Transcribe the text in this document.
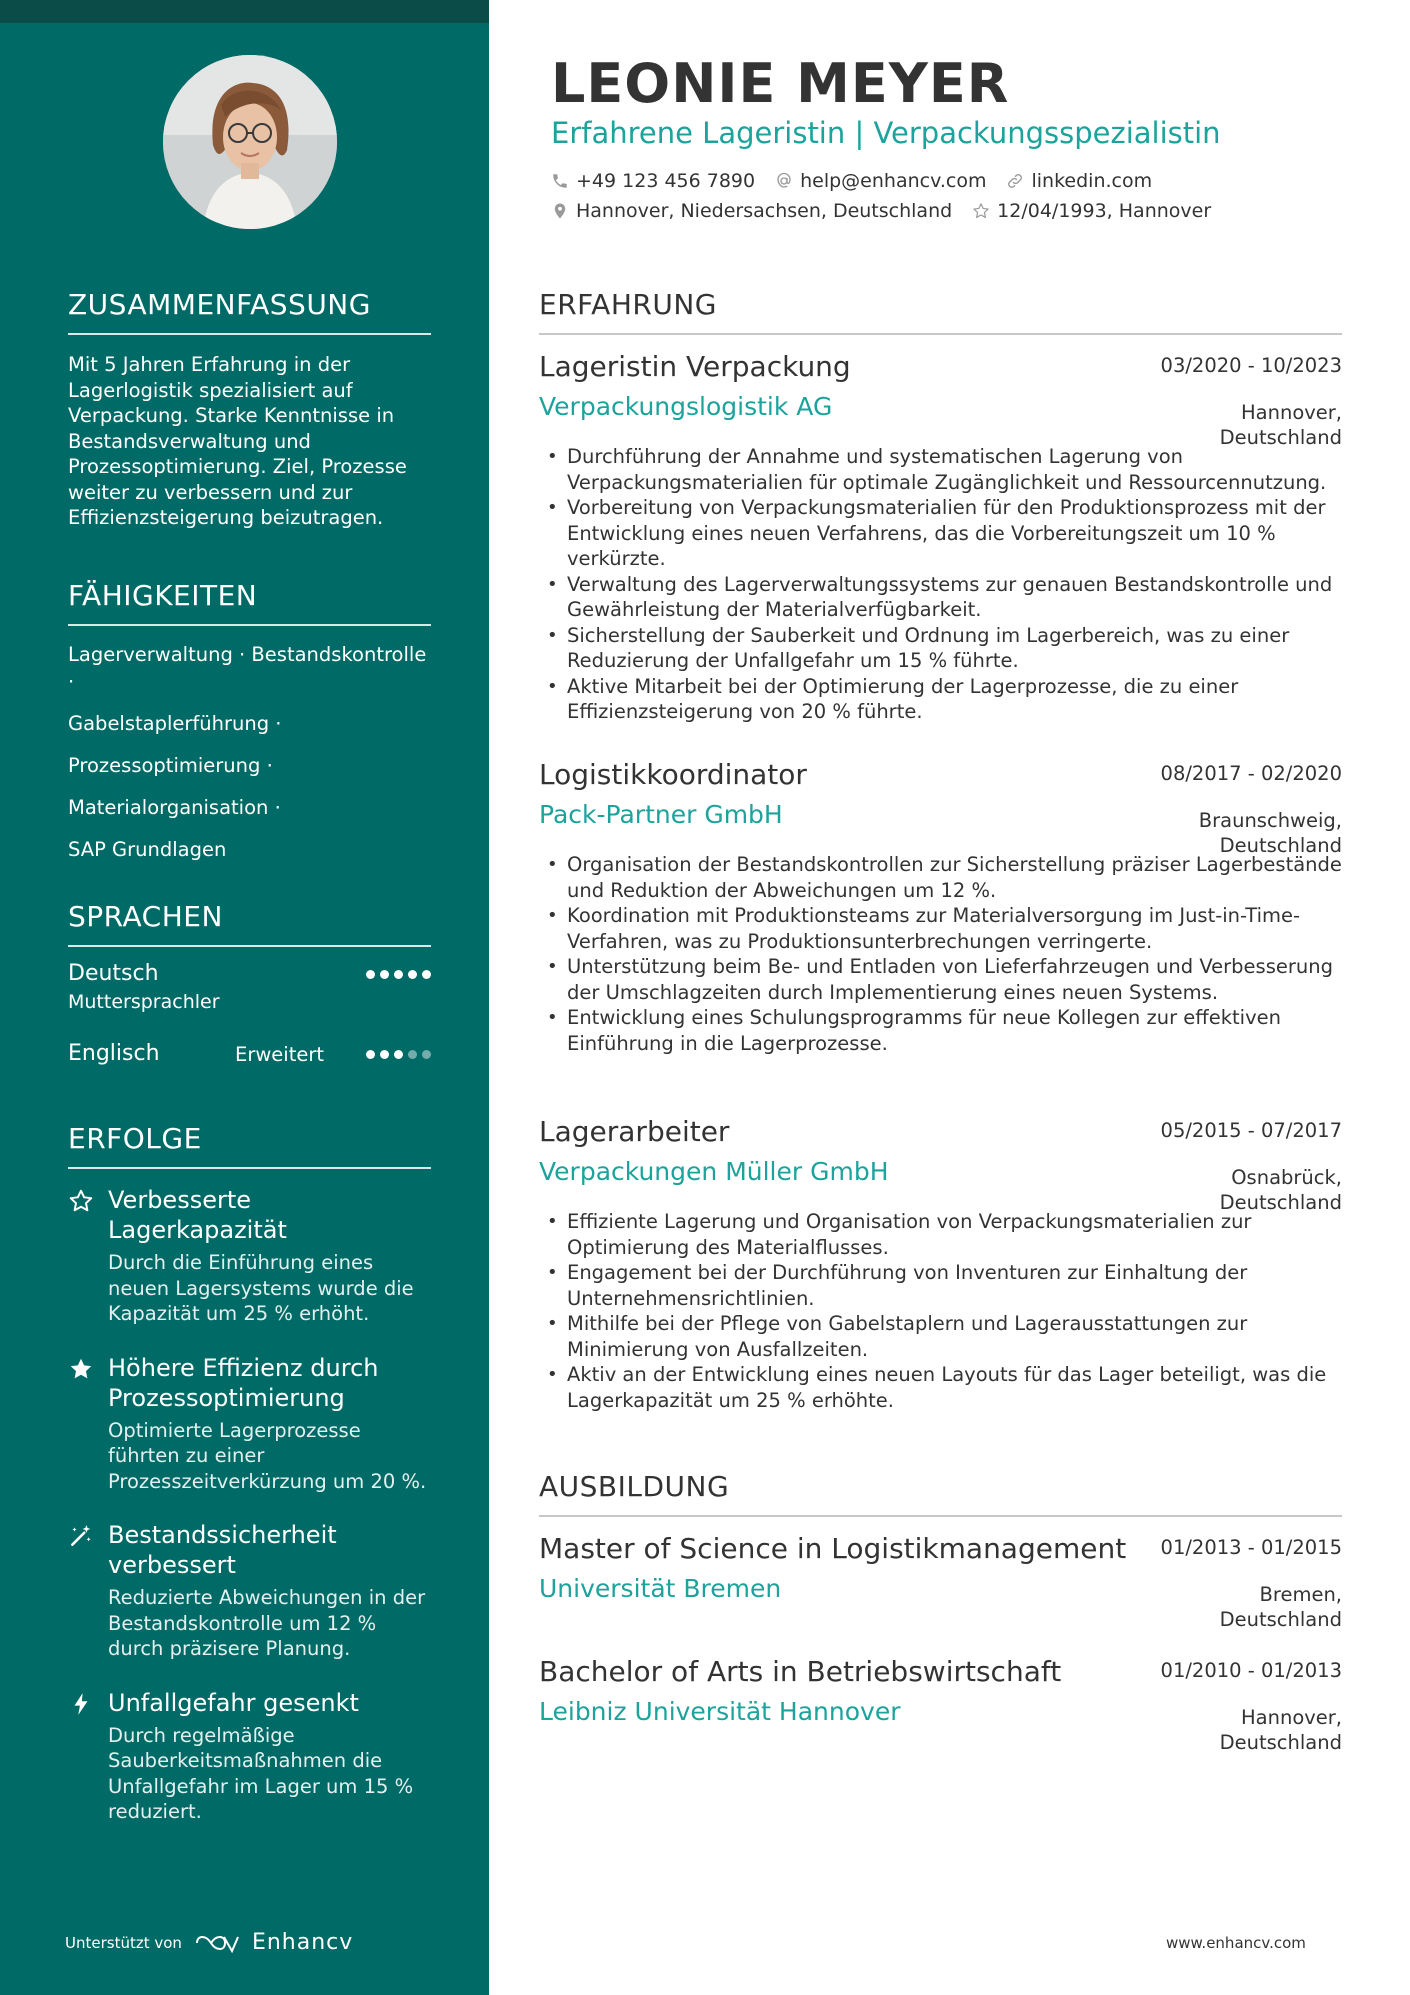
ZUSAMMENFASSUNG
Mit 5 Jahren Erfahrung in der Lagerlogistik spezialisiert auf Verpackung. Starke Kenntnisse in Bestandsverwaltung und Prozessoptimierung. Ziel, Prozesse weiter zu verbessern und zur Effizienzsteigerung beizutragen.
FÄHIGKEITEN
Lagerverwaltung · Bestandskontrolle ·
Gabelstaplerführung ·
Prozessoptimierung ·
Materialorganisation ·
SAP Grundlagen
SPRACHEN
Deutsch
Muttersprachler
Englisch	Erweitert
ERFOLGE
Verbesserte Lagerkapazität
Durch die Einführung eines neuen Lagersystems wurde die Kapazität um 25 % erhöht.
Höhere Effizienz durch Prozessoptimierung
Optimierte Lagerprozesse führten zu einer Prozesszeitverkürzung um 20 %.
Bestandssicherheit verbessert
Reduzierte Abweichungen in der Bestandskontrolle um 12 % durch präzisere Planung.
Unfallgefahr gesenkt
Durch regelmäßige Sauberkeitsmaßnahmen die Unfallgefahr im Lager um 15 % reduziert.
Unterstützt von	Enhancv
LEONIE MEYER
Erfahrene Lageristin | Verpackungsspezialistin
+49 123 456 7890 help@enhancv.com linkedin.com
Hannover, Niedersachsen, Deutschland 12/04/1993, Hannover
ERFAHRUNG
Lageristin Verpackung	03/2020 - 10/2023
Verpackungslogistik AG	Hannover, Deutschland
• Durchführung der Annahme und systematischen Lagerung von Verpackungsmaterialien für optimale Zugänglichkeit und Ressourcennutzung.
• Vorbereitung von Verpackungsmaterialien für den Produktionsprozess mit der Entwicklung eines neuen Verfahrens, das die Vorbereitungszeit um 10 % verkürzte.
• Verwaltung des Lagerverwaltungssystems zur genauen Bestandskontrolle und Gewährleistung der Materialverfügbarkeit.
• Sicherstellung der Sauberkeit und Ordnung im Lagerbereich, was zu einer Reduzierung der Unfallgefahr um 15 % führte.
• Aktive Mitarbeit bei der Optimierung der Lagerprozesse, die zu einer Effizienzsteigerung von 20 % führte.
Logistikkoordinator	08/2017 - 02/2020
Pack-Partner GmbH	Braunschweig, Deutschland
• Organisation der Bestandskontrollen zur Sicherstellung präziser Lagerbestände und Reduktion der Abweichungen um 12 %.
• Koordination mit Produktionsteams zur Materialversorgung im Just-in-Time-Verfahren, was zu Produktionsunterbrechungen verringerte.
• Unterstützung beim Be- und Entladen von Lieferfahrzeugen und Verbesserung der Umschlagzeiten durch Implementierung eines neuen Systems.
• Entwicklung eines Schulungsprogramms für neue Kollegen zur effektiven Einführung in die Lagerprozesse.
Lagerarbeiter	05/2015 - 07/2017
Verpackungen Müller GmbH	Osnabrück, Deutschland
• Effiziente Lagerung und Organisation von Verpackungsmaterialien zur Optimierung des Materialflusses.
• Engagement bei der Durchführung von Inventuren zur Einhaltung der Unternehmensrichtlinien.
• Mithilfe bei der Pflege von Gabelstaplern und Lagerausstattungen zur Minimierung von Ausfallzeiten.
• Aktiv an der Entwicklung eines neuen Layouts für das Lager beteiligt, was die Lagerkapazität um 25 % erhöhte.
AUSBILDUNG
Master of Science in Logistikmanagement	01/2013 - 01/2015
Universität Bremen	Bremen, Deutschland
Bachelor of Arts in Betriebswirtschaft	01/2010 - 01/2013
Leibniz Universität Hannover	Hannover, Deutschland
www.enhancv.com
